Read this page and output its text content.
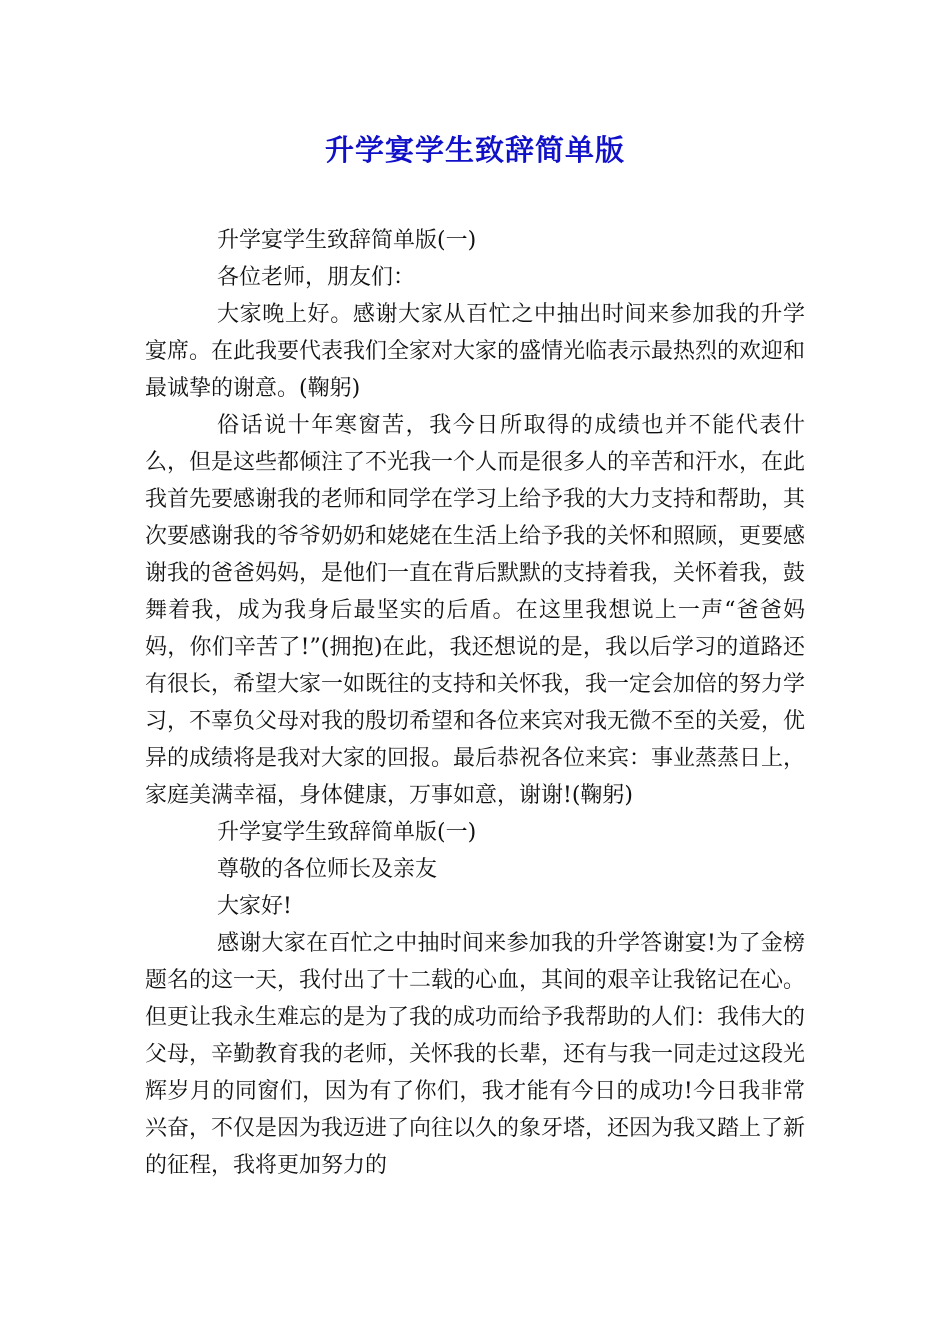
升学宴学生致辞简单版

升学宴学生致辞简单版(一)

各位老师，朋友们：

大家晚上好。感谢大家从百忙之中抽出时间来参加我的升学宴席。在此我要代表我们全家对大家的盛情光临表示最热烈的欢迎和最诚挚的谢意。(鞠躬)

俗话说十年寒窗苦，我今日所取得的成绩也并不能代表什么，但是这些都倾注了不光我一个人而是很多人的辛苦和汗水，在此我首先要感谢我的老师和同学在学习上给予我的大力支持和帮助，其次要感谢我的爷爷奶奶和姥姥在生活上给予我的关怀和照顾，更要感谢我的爸爸妈妈，是他们一直在背后默默的支持着我，关怀着我，鼓舞着我，成为我身后最坚实的后盾。在这里我想说上一声“爸爸妈妈，你们辛苦了!”(拥抱)在此，我还想说的是，我以后学习的道路还有很长，希望大家一如既往的支持和关怀我，我一定会加倍的努力学习，不辜负父母对我的殷切希望和各位来宾对我无微不至的关爱，优异的成绩将是我对大家的回报。最后恭祝各位来宾：事业蒸蒸日上，家庭美满幸福，身体健康，万事如意，谢谢!(鞠躬)

升学宴学生致辞简单版(一)

尊敬的各位师长及亲友

大家好!

感谢大家在百忙之中抽时间来参加我的升学答谢宴!为了金榜题名的这一天，我付出了十二载的心血，其间的艰辛让我铭记在心。但更让我永生难忘的是为了我的成功而给予我帮助的人们：我伟大的父母，辛勤教育我的老师，关怀我的长辈，还有与我一同走过这段光辉岁月的同窗们，因为有了你们，我才能有今日的成功!今日我非常兴奋，不仅是因为我迈进了向往以久的象牙塔，还因为我又踏上了新的征程，我将更加努力的
